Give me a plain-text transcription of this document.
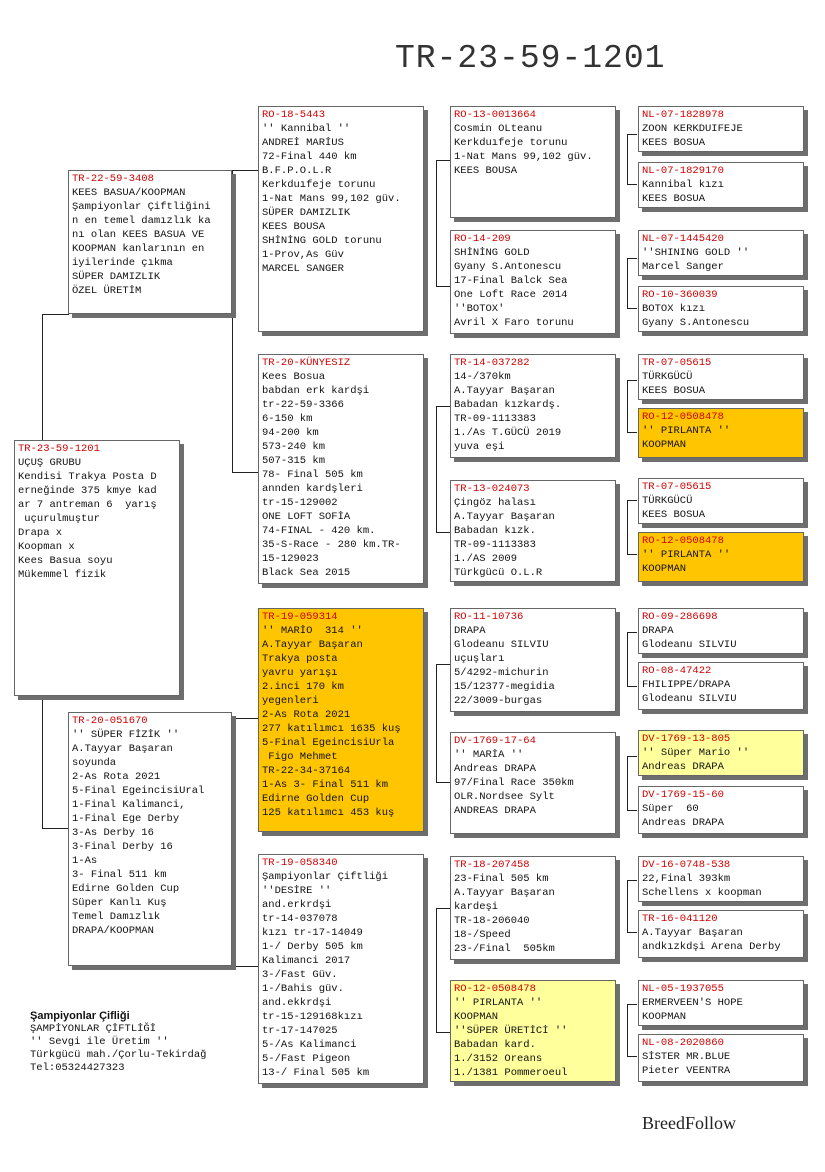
TR-23-59-1201
TR-23-59-1201
UÇUŞ GRUBU
Kendisi Trakya Posta D
erneğinde 375 kmye kad
ar 7 antreman 6  yarış
uçurulmuştur
Drapa x
Koopman x
Kees Basua soyu
Mükemmel fizik
TR-22-59-3408
KEES BASUA/KOOPMAN
Şampiyonlar Çiftliğini
n en temel damızlık ka
nı olan KEES BASUA VE
KOOPMAN kanlarının en
iyilerinde çıkma
SÜPER DAMIZLIK
ÖZEL ÜRETİM
TR-20-051670
'' SÜPER FİZİK ''
A.Tayyar Başaran
soyunda
2-As Rota 2021
5-Final EgeincisiUral
1-Final Kalimanci,
1-Final Ege Derby
3-As Derby 16
3-Final Derby 16
1-As
3- Final 511 km
Edirne Golden Cup
Süper Kanlı Kuş
Temel Damızlık
DRAPA/KOOPMAN
RO-18-5443
'' Kannibal ''
ANDREİ MARİUS
72-Final 440 km
B.F.P.O.L.R
Kerkduıfeje torunu
1-Nat Mans 99,102 güv.
SÜPER DAMIZLIK
KEES BOUSA
SHİNİNG GOLD torunu
1-Prov,As Güv
MARCEL SANGER
TR-20-KÜNYESIZ
Kees Bosua
babdan erk kardşi
tr-22-59-3366
6-150 km
94-200 km
573-240 km
507-315 km
78- Final 505 km
annden kardşleri
tr-15-129002
ONE LOFT SOFİA
74-FINAL - 420 km.
35-S-Race - 280 km.TR-
15-129023
Black Sea 2015
TR-19-059314
'' MARİO  314 ''
A.Tayyar Başaran
Trakya posta
yavru yarışı
2.inci 170 km
yegenleri
2-As Rota 2021
277 katılımcı 1635 kuş
5-Final EgeincisiUrla
Figo Mehmet
TR-22-34-37164
1-As 3- Final 511 km
Edirne Golden Cup
125 katılımcı 453 kuş
TR-19-058340
Şampiyonlar Çiftliği
''DESİRE ''
and.erkrdşi
tr-14-037078
kızı tr-17-14049
1-/ Derby 505 km
Kalimanci 2017
3-/Fast Güv.
1-/Bahis güv.
and.ekkrdşi
tr-15-129168kızı
tr-17-147025
5-/As Kalimanci
5-/Fast Pigeon
13-/ Final 505 km
RO-13-0013664
Cosmin OLteanu
Kerkduıfeje torunu
1-Nat Mans 99,102 güv.
KEES BOUSA
RO-14-209
SHİNİNG GOLD
Gyany S.Antonescu
17-Final Balck Sea
One Loft Race 2014
''BOTOX'
Avril X Faro torunu
TR-14-037282
14-/370km
A.Tayyar Başaran
Babadan kızkardş.
TR-09-1113383
1./As T.GÜCÜ 2019
yuva eşi
TR-13-024073
Çingöz halası
A.Tayyar Başaran
Babadan kızk.
TR-09-1113383
1./AS 2009
Türkgücü O.L.R
RO-11-10736
DRAPA
Glodeanu SILVIU
uçuşları
5/4292-michurin
15/12377-megidia
22/3009-burgas
DV-1769-17-64
'' MARİA ''
Andreas DRAPA
97/Final Race 350km
OLR.Nordsee Sylt
ANDREAS DRAPA
TR-18-207458
23-Final 505 km
A.Tayyar Başaran
kardeşi
TR-18-206040
18-/Speed
23-/Final  505km
RO-12-0508478
'' PIRLANTA ''
KOOPMAN
''SÜPER ÜRETİCİ ''
Babadan kard.
1./3152 Oreans
1./1381 Pommeroeul
NL-07-1828978
ZOON KERKDUIFEJE
KEES BOSUA
NL-07-1829170
Kannibal kızı
KEES BOSUA
NL-07-1445420
''SHINING GOLD ''
Marcel Sanger
RO-10-360039
BOTOX kızı
Gyany S.Antonescu
TR-07-05615
TÜRKGÜCÜ
KEES BOSUA
RO-12-0508478
'' PIRLANTA ''
KOOPMAN
TR-07-05615
TÜRKGÜCÜ
KEES BOSUA
RO-12-0508478
'' PIRLANTA ''
KOOPMAN
RO-09-286698
DRAPA
Glodeanu SILVIU
RO-08-47422
FHILIPPE/DRAPA
Glodeanu SILVIU
DV-1769-13-805
'' Süper Mario ''
Andreas DRAPA
DV-1769-15-60
Süper  60
Andreas DRAPA
DV-16-0748-538
22,Final 393km
Schellens x koopman
TR-16-041120
A.Tayyar Başaran
andkızkdşi Arena Derby
NL-05-1937055
ERMERVEEN'S HOPE
KOOPMAN
NL-08-2020860
SİSTER MR.BLUE
Pieter VEENTRA
Şampiyonlar Çifliği
ŞAMPİYONLAR ÇİFTLİĞİ
'' Sevgi ile Üretim ''
Türkgücü mah./Çorlu-Tekirdağ
Tel:05324427323
BreedFollow
